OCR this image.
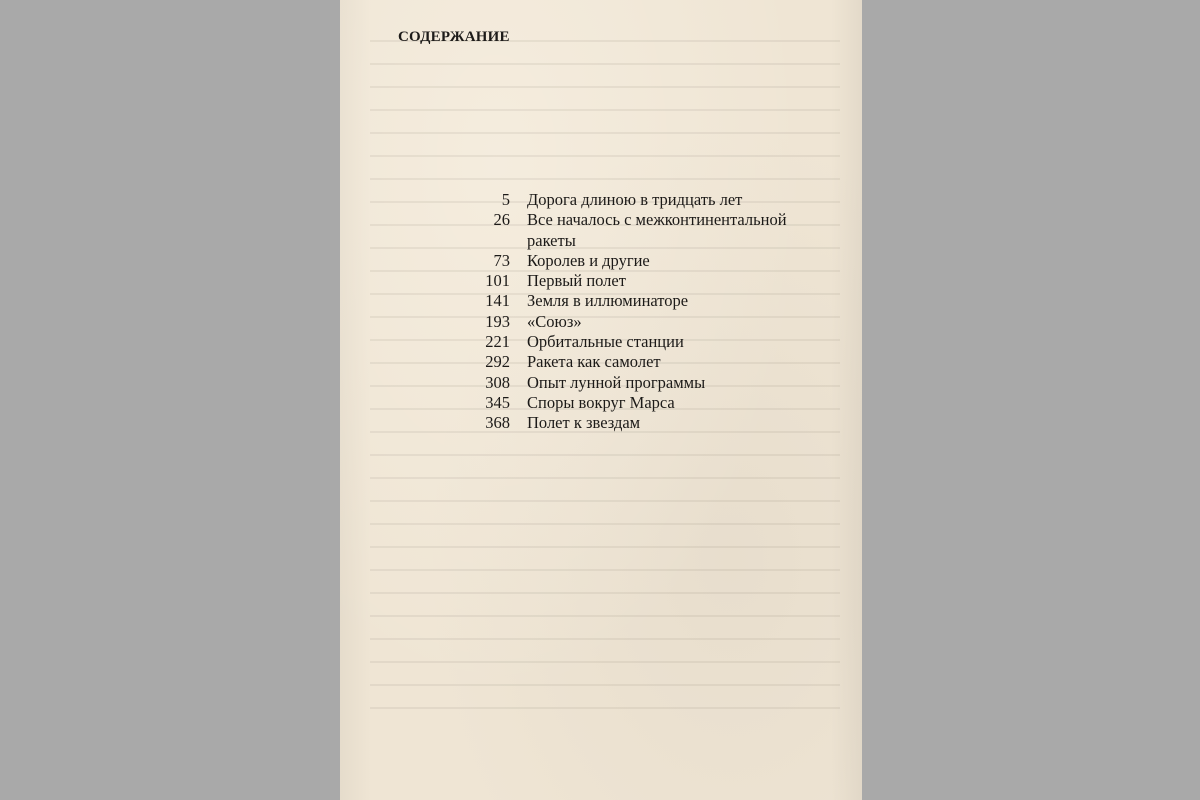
СОДЕРЖАНИЕ
5	Дорога длиною в тридцать лет
26	Все началось с межконтинентальной ракеты
73	Королев и другие
101	Первый полет
141	Земля в иллюминаторе
193	«Союз»
221	Орбитальные станции
292	Ракета как самолет
308	Опыт лунной программы
345	Споры вокруг Марса
368	Полет к звездам
